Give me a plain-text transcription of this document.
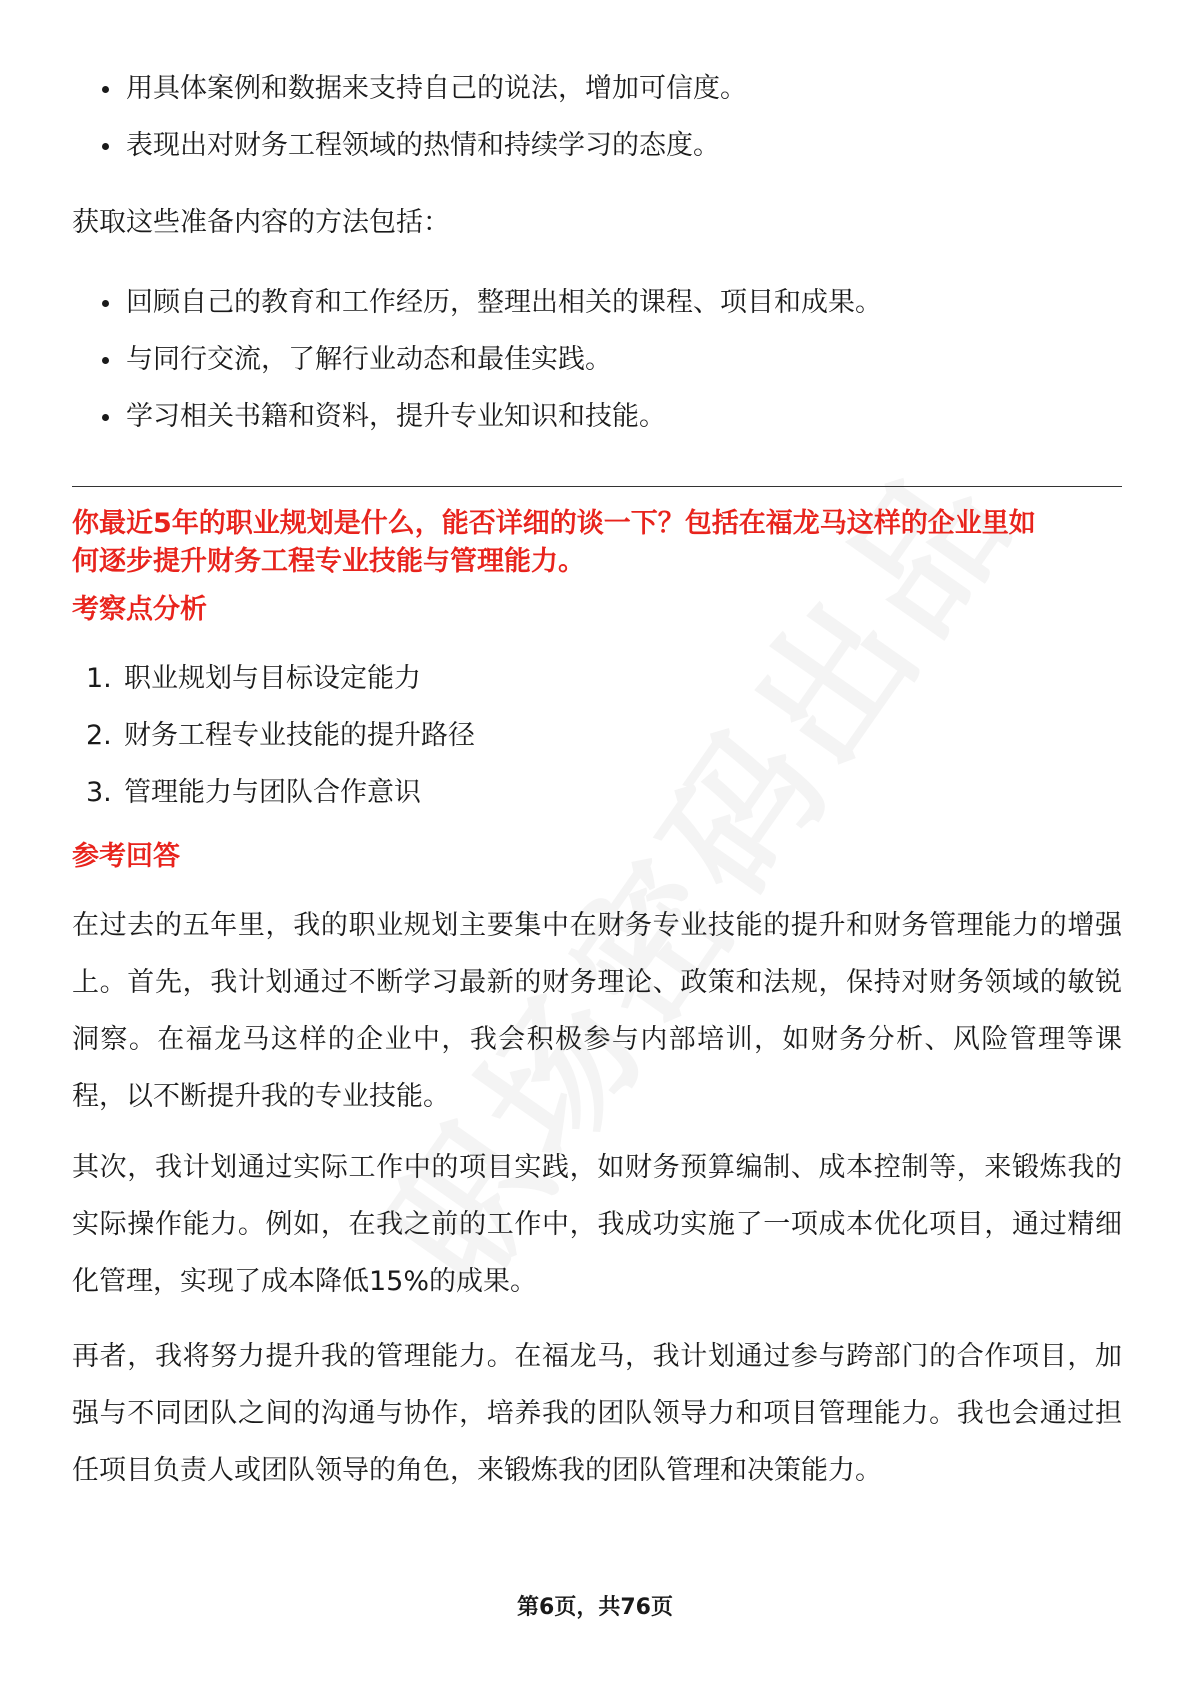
用具体案例和数据来支持自己的说法，增加可信度。
表现出对财务工程领域的热情和持续学习的态度。

获取这些准备内容的方法包括：

回顾自己的教育和工作经历，整理出相关的课程、项目和成果。
与同行交流，了解行业动态和最佳实践。
学习相关书籍和资料，提升专业知识和技能。

你最近5年的职业规划是什么，能否详细的谈一下？包括在福龙马这样的企业里如

何逐步提升财务工程专业技能与管理能力。

考察点分析

1. 职业规划与目标设定能力
2. 财务工程专业技能的提升路径
3. 管理能力与团队合作意识

参考回答

在过去的五年里，我的职业规划主要集中在财务专业技能的提升和财务管理能力的增强上。首先，我计划通过不断学习最新的财务理论、政策和法规，保持对财务领域的敏锐洞察。在福龙马这样的企业中，我会积极参与内部培训，如财务分析、风险管理等课程，以不断提升我的专业技能。

其次，我计划通过实际工作中的项目实践，如财务预算编制、成本控制等，来锻炼我的实际操作能力。例如，在我之前的工作中，我成功实施了一项成本优化项目，通过精细化管理，实现了成本降低15%的成果。

再者，我将努力提升我的管理能力。在福龙马，我计划通过参与跨部门的合作项目，加强与不同团队之间的沟通与协作，培养我的团队领导力和项目管理能力。我也会通过担任项目负责人或团队领导的角色，来锻炼我的团队管理和决策能力。

第6页，共76页
